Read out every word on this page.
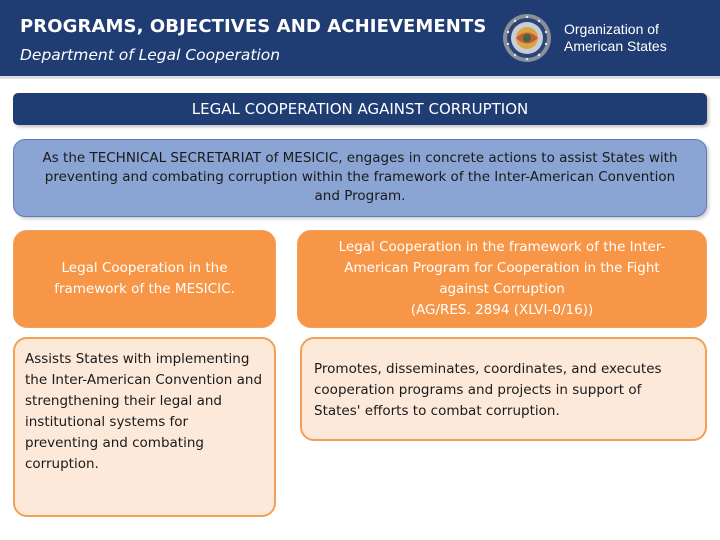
PROGRAMS, OBJECTIVES AND ACHIEVEMENTS
Department of Legal Cooperation
Organization of
American States
LEGAL COOPERATION AGAINST CORRUPTION
As the TECHNICAL SECRETARIAT of MESICIC, engages in concrete actions to assist States with preventing and combating corruption within the framework of the Inter-American Convention and Program.
Legal Cooperation in the framework of the MESICIC.
Legal Cooperation in the framework of the Inter-American Program for Cooperation in the Fight against Corruption
(AG/RES. 2894 (XLVI-0/16))
Assists States with implementing the Inter-American Convention and strengthening their legal and institutional systems for preventing and combating corruption.
Promotes, disseminates, coordinates, and executes cooperation programs and projects in support of States' efforts to combat corruption.
